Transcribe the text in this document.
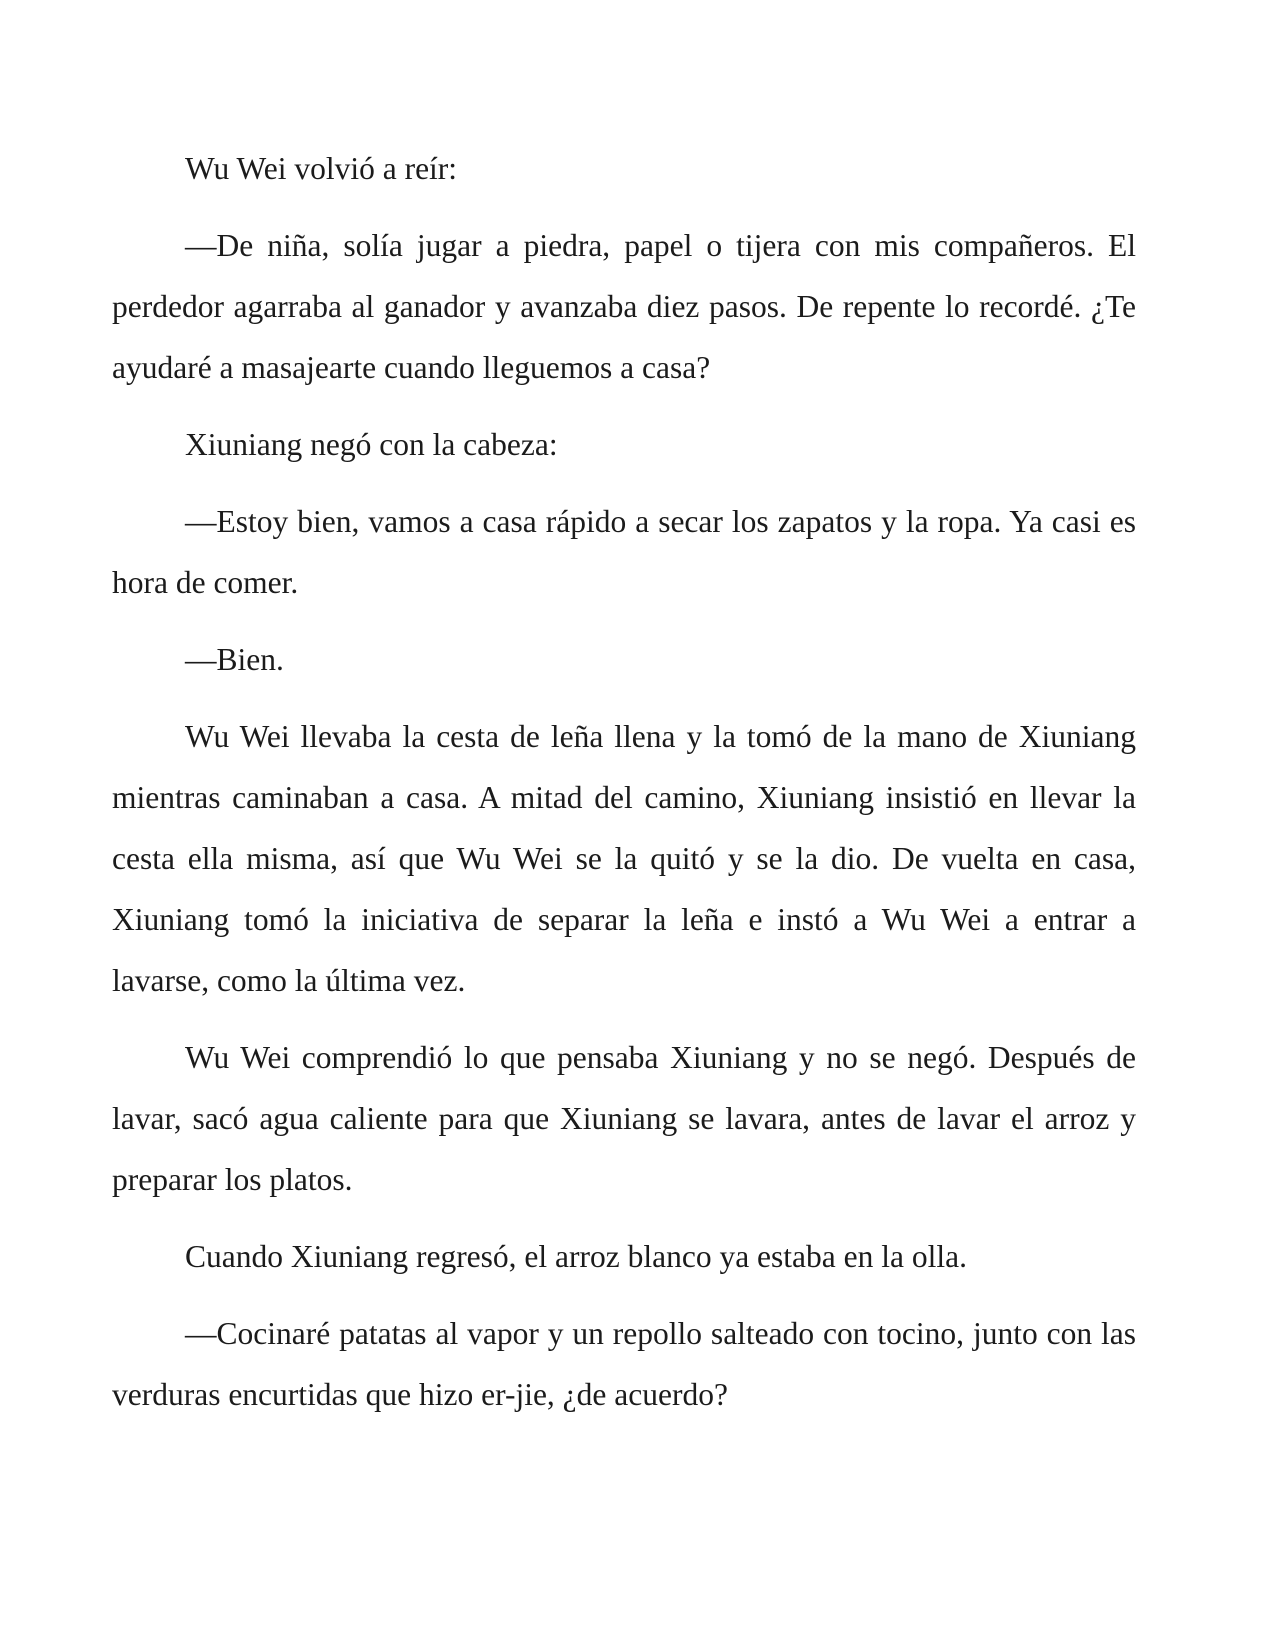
Wu Wei volvió a reír:

—De niña, solía jugar a piedra, papel o tijera con mis compañeros. El perdedor agarraba al ganador y avanzaba diez pasos. De repente lo recordé. ¿Te ayudaré a masajearte cuando lleguemos a casa?

Xiuniang negó con la cabeza:

—Estoy bien, vamos a casa rápido a secar los zapatos y la ropa. Ya casi es hora de comer.

—Bien.

Wu Wei llevaba la cesta de leña llena y la tomó de la mano de Xiuniang mientras caminaban a casa. A mitad del camino, Xiuniang insistió en llevar la cesta ella misma, así que Wu Wei se la quitó y se la dio. De vuelta en casa, Xiuniang tomó la iniciativa de separar la leña e instó a Wu Wei a entrar a lavarse, como la última vez.

Wu Wei comprendió lo que pensaba Xiuniang y no se negó. Después de lavar, sacó agua caliente para que Xiuniang se lavara, antes de lavar el arroz y preparar los platos.

Cuando Xiuniang regresó, el arroz blanco ya estaba en la olla.

—Cocinaré patatas al vapor y un repollo salteado con tocino, junto con las verduras encurtidas que hizo er-jie, ¿de acuerdo?
